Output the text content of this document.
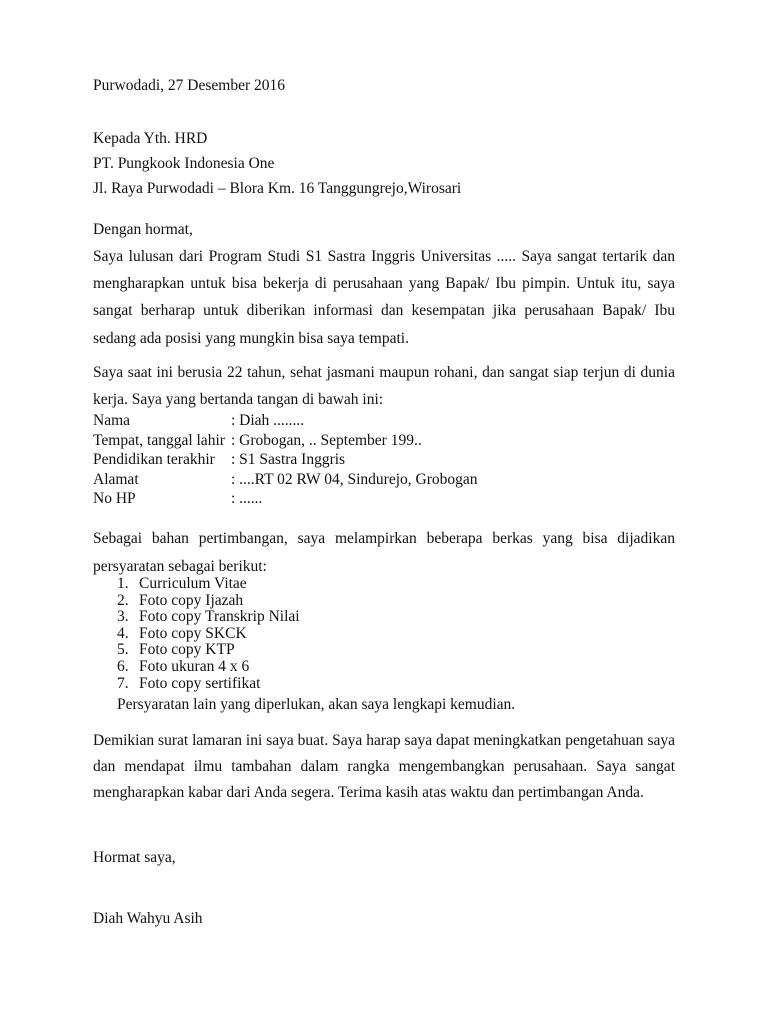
Purwodadi, 27 Desember 2016
Kepada Yth. HRD
PT. Pungkook Indonesia One
Jl. Raya Purwodadi – Blora Km. 16 Tanggungrejo,Wirosari
Dengan hormat,
Saya lulusan dari Program Studi S1 Sastra Inggris Universitas ..... Saya sangat tertarik dan mengharapkan untuk bisa bekerja di perusahaan yang Bapak/ Ibu pimpin. Untuk itu, saya sangat berharap untuk diberikan informasi dan kesempatan jika perusahaan Bapak/ Ibu sedang ada posisi yang mungkin bisa saya tempati.
Saya saat ini berusia 22 tahun, sehat jasmani maupun rohani, dan sangat siap terjun di dunia kerja. Saya yang bertanda tangan di bawah ini:
Nama	: Diah ........
Tempat, tanggal lahir : Grobogan, .. September 199..
Pendidikan terakhir	: S1 Sastra Inggris
Alamat	: ....RT 02 RW 04, Sindurejo, Grobogan
No HP	: ......
Sebagai bahan pertimbangan, saya melampirkan beberapa berkas yang bisa dijadikan persyaratan sebagai berikut:
1. Curriculum Vitae
2. Foto copy Ijazah
3. Foto copy Transkrip Nilai
4. Foto copy SKCK
5. Foto copy KTP
6. Foto ukuran 4 x 6
7. Foto copy sertifikat
Persyaratan lain yang diperlukan, akan saya lengkapi kemudian.
Demikian surat lamaran ini saya buat. Saya harap saya dapat meningkatkan pengetahuan saya dan mendapat ilmu tambahan dalam rangka mengembangkan perusahaan. Saya sangat mengharapkan kabar dari Anda segera. Terima kasih atas waktu dan pertimbangan Anda.
Hormat saya,
Diah Wahyu Asih
